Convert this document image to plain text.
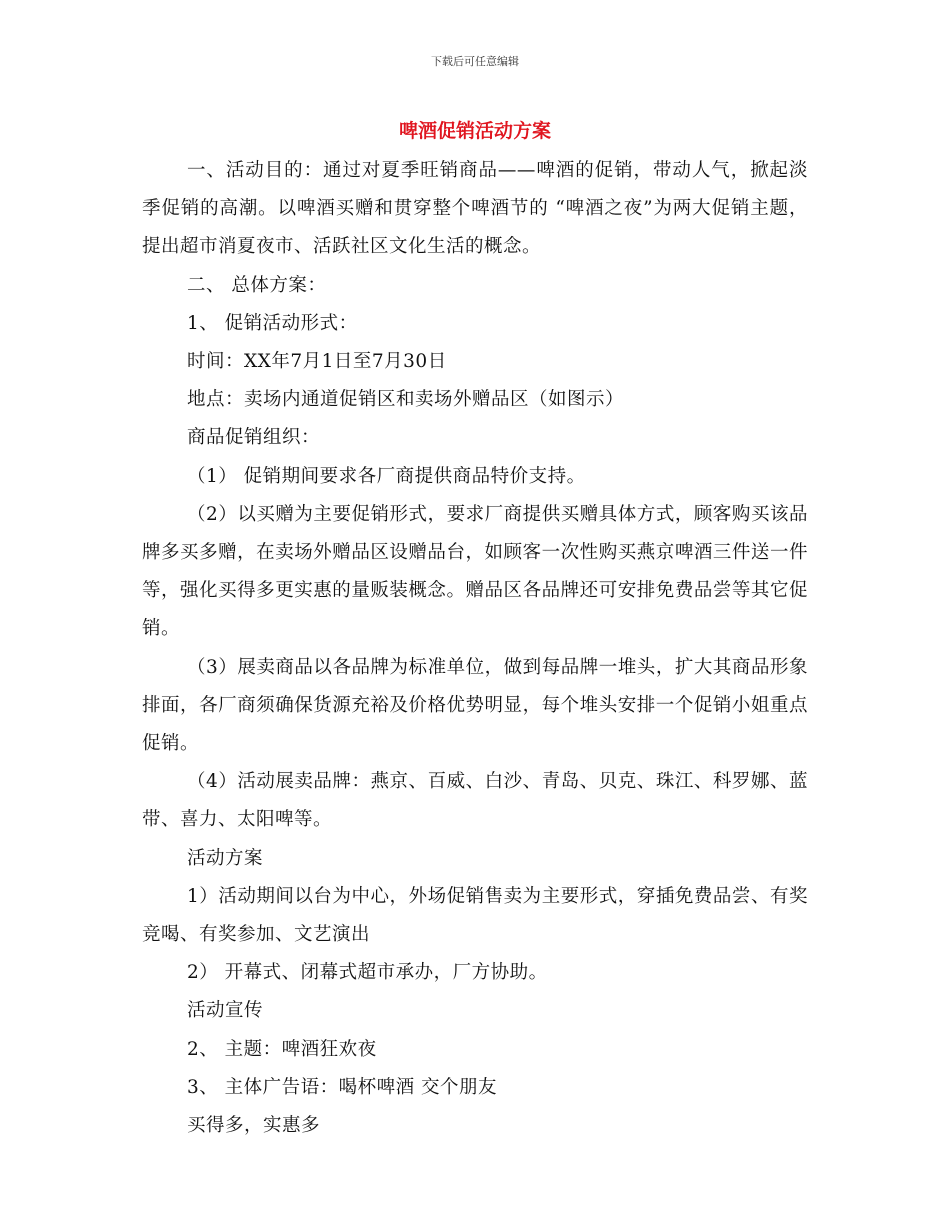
下载后可任意编辑
啤酒促销活动方案

一、活动目的：通过对夏季旺销商品——啤酒的促销，带动人气，掀起淡季促销的高潮。以啤酒买赠和贯穿整个啤酒节的 “啤酒之夜”为两大促销主题，提出超市消夏夜市、活跃社区文化生活的概念。

二、 总体方案：

1、 促销活动形式：

时间：XX年7月1日至7月30日

地点：卖场内通道促销区和卖场外赠品区（如图示）

商品促销组织：

（1） 促销期间要求各厂商提供商品特价支持。

（2）以买赠为主要促销形式，要求厂商提供买赠具体方式，顾客购买该品牌多买多赠，在卖场外赠品区设赠品台，如顾客一次性购买燕京啤酒三件送一件等，强化买得多更实惠的量贩装概念。赠品区各品牌还可安排免费品尝等其它促销。

（3）展卖商品以各品牌为标准单位，做到每品牌一堆头，扩大其商品形象排面，各厂商须确保货源充裕及价格优势明显，每个堆头安排一个促销小姐重点促销。

（4）活动展卖品牌：燕京、百威、白沙、青岛、贝克、珠江、科罗娜、蓝带、喜力、太阳啤等。

活动方案

1）活动期间以台为中心，外场促销售卖为主要形式，穿插免费品尝、有奖竞喝、有奖参加、文艺演出

2） 开幕式、闭幕式超市承办，厂方协助。

活动宣传

2、 主题：啤酒狂欢夜

3、 主体广告语：喝杯啤酒 交个朋友

买得多，实惠多
